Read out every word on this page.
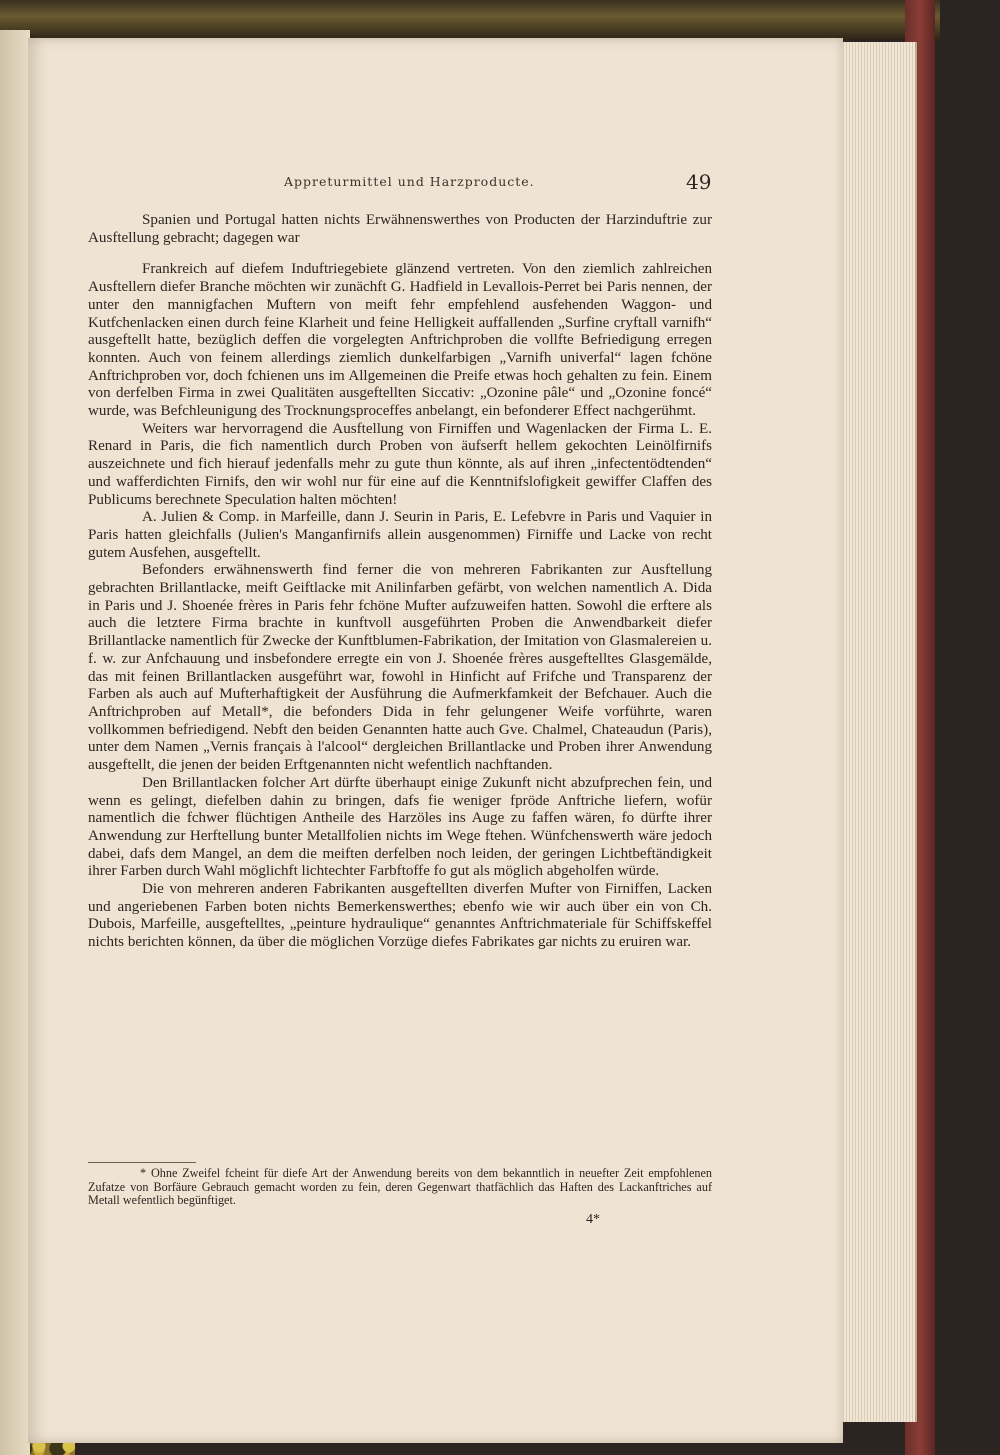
Appreturmittel und Harzproducte.	49

Spanien und Portugal hatten nichts Erwähnenswerthes von Producten der Harzinduftrie zur Ausftellung gebracht; dagegen war

Frankreich auf diefem Induftriegebiete glänzend vertreten. Von den ziemlich zahlreichen Ausftellern diefer Branche möchten wir zunächft G. Hadfield in Levallois-Perret bei Paris nennen, der unter den mannigfachen Muftern von meift fehr empfehlend ausfehenden Waggon- und Kutfchenlacken einen durch feine Klarheit und feine Helligkeit auffallenden „Surfine cryftall varnifh“ ausgeftellt hatte, bezüglich deffen die vorgelegten Anftrichproben die vollfte Befriedigung erregen konnten. Auch von feinem allerdings ziemlich dunkelfarbigen „Varnifh univerfal“ lagen fchöne Anftrichproben vor, doch fchienen uns im Allgemeinen die Preife etwas hoch gehalten zu fein. Einem von derfelben Firma in zwei Qualitäten ausgeftellten Siccativ: „Ozonine pâle“ und „Ozonine foncé“ wurde, was Befchleunigung des Trocknungsproceffes anbelangt, ein befonderer Effect nachgerühmt.

Weiters war hervorragend die Ausftellung von Firniffen und Wagenlacken der Firma L. E. Renard in Paris, die fich namentlich durch Proben von äufserft hellem gekochten Leinölfirnifs auszeichnete und fich hierauf jedenfalls mehr zu gute thun könnte, als auf ihren „infectentödtenden“ und wafferdichten Firnifs, den wir wohl nur für eine auf die Kenntnifslofigkeit gewiffer Claffen des Publicums berechnete Speculation halten möchten!

A. Julien & Comp. in Marfeille, dann J. Seurin in Paris, E. Lefebvre in Paris und Vaquier in Paris hatten gleichfalls (Julien's Manganfirnifs allein ausgenommen) Firniffe und Lacke von recht gutem Ausfehen, ausgeftellt.

Befonders erwähnenswerth find ferner die von mehreren Fabrikanten zur Ausftellung gebrachten Brillantlacke, meift Geiftlacke mit Anilinfarben gefärbt, von welchen namentlich A. Dida in Paris und J. Shoenée frères in Paris fehr fchöne Mufter aufzuweifen hatten. Sowohl die erftere als auch die letztere Firma brachte in kunftvoll ausgeführten Proben die Anwendbarkeit diefer Brillantlacke namentlich für Zwecke der Kunftblumen-Fabrikation, der Imitation von Glasmalereien u. f. w. zur Anfchauung und insbefondere erregte ein von J. Shoenée frères ausgeftelltes Glasgemälde, das mit feinen Brillantlacken ausgeführt war, fowohl in Hinficht auf Frifche und Transparenz der Farben als auch auf Mufterhaftigkeit der Ausführung die Aufmerkfamkeit der Befchauer. Auch die Anftrichproben auf Metall*, die befonders Dida in fehr gelungener Weife vorführte, waren vollkommen befriedigend. Nebft den beiden Genannten hatte auch Gve. Chalmel, Chateaudun (Paris), unter dem Namen „Vernis français à l'alcool“ dergleichen Brillantlacke und Proben ihrer Anwendung ausgeftellt, die jenen der beiden Erftgenannten nicht wefentlich nachftanden.

Den Brillantlacken folcher Art dürfte überhaupt einige Zukunft nicht abzufprechen fein, und wenn es gelingt, diefelben dahin zu bringen, dafs fie weniger fpröde Anftriche liefern, wofür namentlich die fchwer flüchtigen Antheile des Harzöles ins Auge zu faffen wären, fo dürfte ihrer Anwendung zur Herftellung bunter Metallfolien nichts im Wege ftehen. Wünfchenswerth wäre jedoch dabei, dafs dem Mangel, an dem die meiften derfelben noch leiden, der geringen Lichtbeftändigkeit ihrer Farben durch Wahl möglichft lichtechter Farbftoffe fo gut als möglich abgeholfen würde.

Die von mehreren anderen Fabrikanten ausgeftellten diverfen Mufter von Firniffen, Lacken und angeriebenen Farben boten nichts Bemerkenswerthes; ebenfo wie wir auch über ein von Ch. Dubois, Marfeille, ausgeftelltes, „peinture hydraulique“ genanntes Anftrichmateriale für Schiffskeffel nichts berichten können, da über die möglichen Vorzüge diefes Fabrikates gar nichts zu eruiren war.

* Ohne Zweifel fcheint für diefe Art der Anwendung bereits von dem bekanntlich in neuefter Zeit empfohlenen Zufatze von Borfäure Gebrauch gemacht worden zu fein, deren Gegenwart thatfächlich das Haften des Lackanftriches auf Metall wefentlich begünftiget.
4*
